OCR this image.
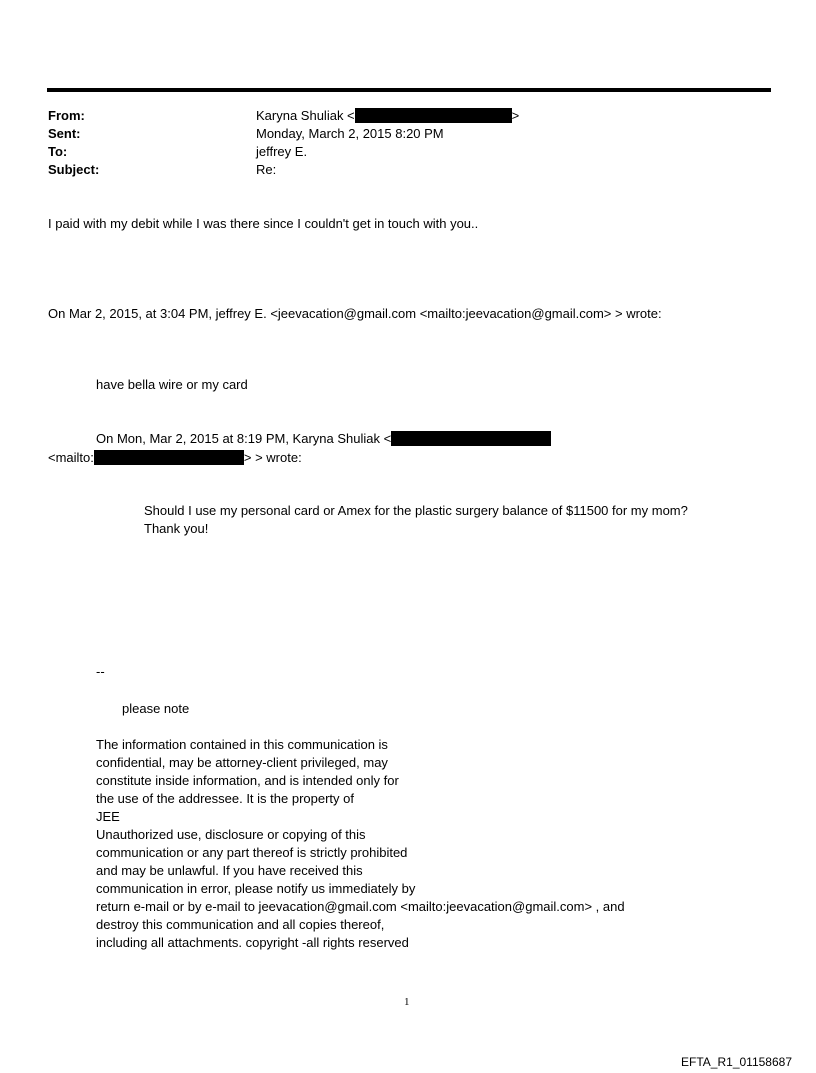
From:	Karyna Shuliak <	>
Sent:	Monday, March 2, 2015 8:20 PM
To:	jeffrey E.
Subject:	Re:
I paid with my debit while I was there since I couldn't get in touch with you..
On Mar 2, 2015, at 3:04 PM, jeffrey E. <jeevacation@gmail.com <mailto:jeevacation@gmail.com> > wrote:
have bella wire or my card
On Mon, Mar 2, 2015 at 8:19 PM, Karyna Shuliak <
<mailto:	> > wrote:
Should I use my personal card or Amex for the plastic surgery balance of $11500 for my mom?
Thank you!
--
please note
The information contained in this communication is
confidential, may be attorney-client privileged, may
constitute inside information, and is intended only for
the use of the addressee. It is the property of
JEE
Unauthorized use, disclosure or copying of this
communication or any part thereof is strictly prohibited
and may be unlawful. If you have received this
communication in error, please notify us immediately by
return e-mail or by e-mail to jeevacation@gmail.com <mailto:jeevacation@gmail.com> , and
destroy this communication and all copies thereof,
including all attachments. copyright -all rights reserved
1
EFTA_R1_01158687
